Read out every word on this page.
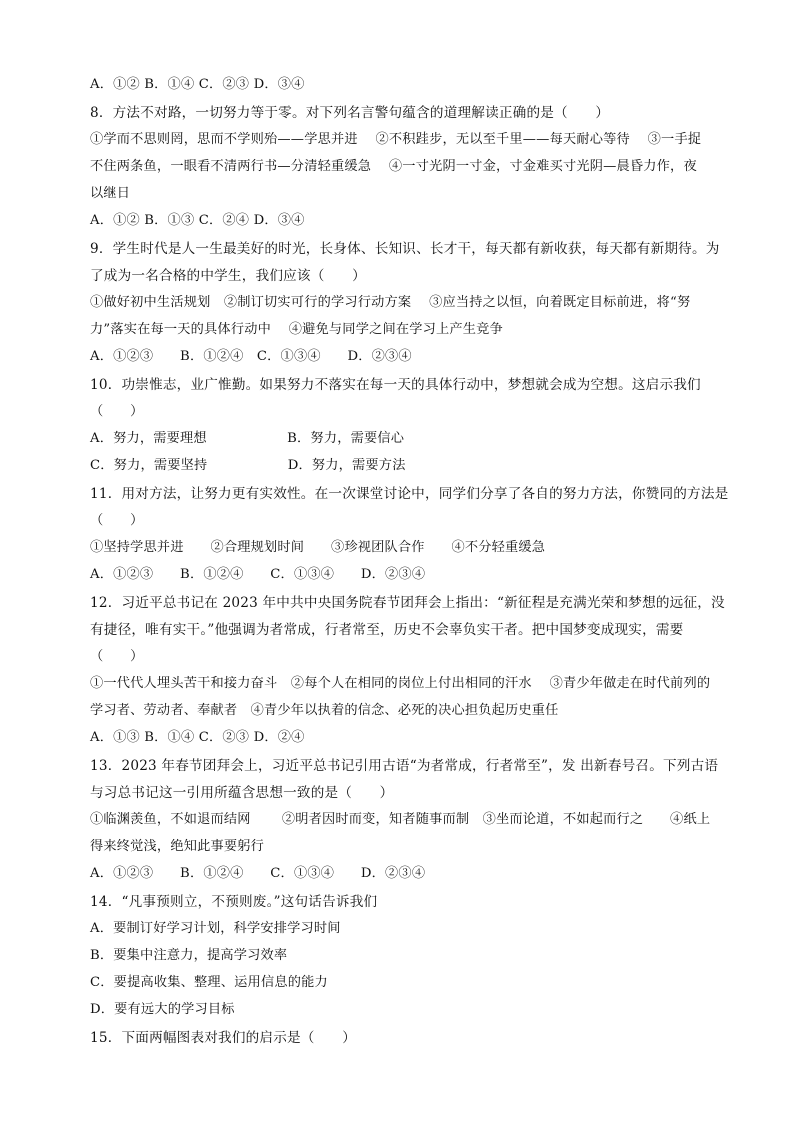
A．①② B．①④ C．②③ D．③④
8．方法不对路，一切努力等于零。对下列名言警句蕴含的道理解读正确的是（　　）
①学而不思则罔，思而不学则殆——学思并进　 ②不积跬步，无以至千里——每天耐心等待　 ③一手捉
不住两条鱼，一眼看不清两行书—分清轻重缓急　 ④一寸光阴一寸金，寸金难买寸光阴—晨昏力作，夜
以继日
A．①② B．①③ C．②④ D．③④
9．学生时代是人一生最美好的时光，长身体、长知识、长才干，每天都有新收获，每天都有新期待。为
了成为一名合格的中学生，我们应该（　　）
①做好初中生活规划　②制订切实可行的学习行动方案　 ③应当持之以恒，向着既定目标前进，将“努
力”落实在每一天的具体行动中　 ④避免与同学之间在学习上产生竞争
A．①②③　　B．①②④　C．①③④　　D．②③④
10．功崇惟志，业广惟勤。如果努力不落实在每一天的具体行动中，梦想就会成为空想。这启示我们
（　　）
A．努力，需要理想　　　　　　B．努力，需要信心
C．努力，需要坚持　　　　　　D．努力，需要方法
11．用对方法，让努力更有实效性。在一次课堂讨论中，同学们分享了各自的努力方法，你赞同的方法是
（　　）
①坚持学思并进　　②合理规划时间　　③珍视团队合作　　④不分轻重缓急
A．①②③　　B．①②④　　C．①③④　　D．②③④
12．习近平总书记在 2023 年中共中央国务院春节团拜会上指出：“新征程是充满光荣和梦想的远征，没
有捷径，唯有实干。”他强调为者常成，行者常至，历史不会辜负实干者。把中国梦变成现实，需要
（　　）
①一代代人埋头苦干和接力奋斗　②每个人在相同的岗位上付出相同的汗水　 ③青少年做走在时代前列的
学习者、劳动者、奉献者　④青少年以执着的信念、必死的决心担负起历史重任
A．①③ B．①④ C．②③ D．②④
13．2023 年春节团拜会上，习近平总书记引用古语“为者常成，行者常至”，发 出新春号召。下列古语
与习总书记这一引用所蕴含思想一致的是（　　）
①临渊羡鱼，不如退而结网　　 ②明者因时而变，知者随事而制　③坐而论道，不如起而行之　　④纸上
得来终觉浅，绝知此事要躬行
A．①②③　　B．①②④　　C．①③④　　D．②③④
14．“凡事预则立，不预则废。”这句话告诉我们
A．要制订好学习计划，科学安排学习时间
B．要集中注意力，提高学习效率
C．要提高收集、整理、运用信息的能力
D．要有远大的学习目标
15．下面两幅图表对我们的启示是（　　）
